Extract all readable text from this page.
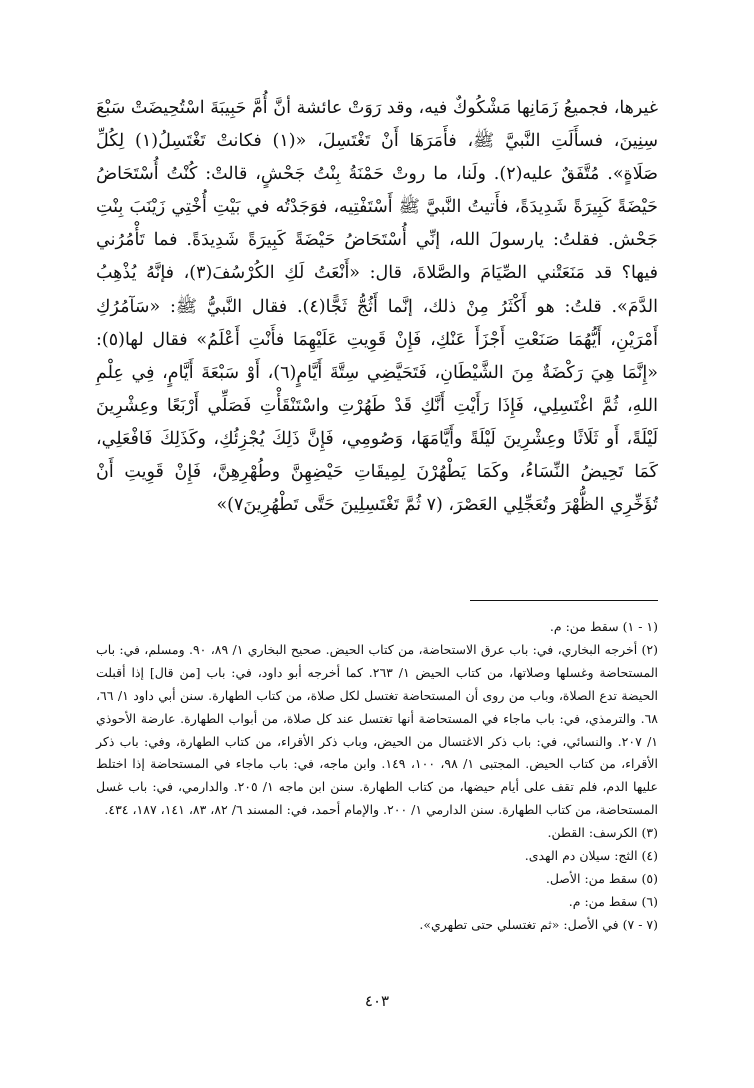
غيرها، فجميعُ زَمَانِها مَشْكُوكٌ فيه، وقد رَوَتْ عائشة أنَّ أُمَّ حَبِيبَةَ اسْتُحِيضَتْ سَبْعَ سِنِينَ، فسأَلَتِ النَّبيَّ ﷺ، فأَمَرَهَا أَنْ تَغْتَسِلَ، «(١) فكانتْ تَغْتَسِلُ(١) لِكُلِّ صَلَاةٍ». مُتَّفَقٌ عليه(٢). ولَنا، ما روتْ حَمْنَةُ بِنْتُ جَحْشٍ، قالتْ: كُنْتُ أُسْتَحَاضُ حَيْضَةً كَبِيرَةً شَدِيدَةً، فأَتيتُ النَّبيَّ ﷺ أَسْتَفْتِيه، فوَجَدْتُه في بَيْتِ أُخْتِي زَيْنَبَ بِنْتِ جَحْش. فقلتُ: يارسولَ الله، إنِّي أُسْتَحَاضُ حَيْضَةً كَبِيرَةً شَدِيدَةً. فما تَأْمُرُني فيها؟ قد مَنَعَتْني الصِّيَامَ والصَّلاةَ، قال: «أَنْعَتُ لَكِ الكُرْسُفَ(٣)، فإنَّهُ يُذْهِبُ الدَّمَ». قلتُ: هو أَكْثَرُ مِنْ ذلك، إنَّما أَثُجُّ ثَجًّا(٤). فقال النَّبيُّ ﷺ: «سَآمُرُكِ أَمْرَيْنِ، أَيُّهُمَا صَنَعْتِ أَجْزَأَ عَنْكِ، فَإِنْ قَوِيتِ عَلَيْهِمَا فأَنْتِ أَعْلَمُ» فقال لها(٥): «إِنَّمَا هِيَ رَكْضَةٌ مِنَ الشَّيْطَانِ، فَتَحَيَّضِي سِتَّةَ أَيَّامٍ(٦)، أَوْ سَبْعَةَ أَيَّامٍ، فِي عِلْمِ اللهِ، ثُمَّ اغْتَسِلِي، فَإِذَا رَأَيْتِ أَنَّكِ قَدْ طَهُرْتِ واسْتَنْقَأْتِ فَصَلِّي أَرْبَعًا وعِشْرِينَ لَيْلَةً، أَو ثَلَاثًا وعِشْرِينَ لَيْلَةً وأَيَّامَهَا، وَصُومِي، فَإِنَّ ذَلِكَ يُجْزِئُكِ، وكَذَلِكَ فَافْعَلِي، كَمَا تَحِيضُ النِّسَاءُ، وكَمَا يَطْهُرْنَ لِمِيقَاتِ حَيْضِهِنَّ وطُهْرِهِنَّ، فَإِنْ قَوِيتِ أَنْ تُؤَخِّرِي الظُّهْرَ وتُعَجِّلِي العَصْرَ، (٧ ثُمَّ تَغْتَسِلِينَ حَتَّى تَطْهُرِينَ٧)»

(١ - ١) سقط من: م.

(٢) أخرجه البخاري، في: باب عرق الاستحاضة، من كتاب الحيض. صحيح البخاري ١/ ٨٩، ٩٠. ومسلم، في: باب المستحاضة وغسلها وصلاتها، من كتاب الحيض ١/ ٢٦٣. كما أخرجه أبو داود، في: باب [من قال] إذا أقبلت الحيضة تدع الصلاة، وباب من روى أن المستحاضة تغتسل لكل صلاة، من كتاب الطهارة. سنن أبي داود ١/ ٦٦، ٦٨. والترمذي، في: باب ماجاء في المستحاضة أنها تغتسل عند كل صلاة، من أبواب الطهارة. عارضة الأحوذي ١/ ٢٠٧. والنسائي، في: باب ذكر الاغتسال من الحيض، وباب ذكر الأقراء، من كتاب الطهارة، وفي: باب ذكر الأقراء، من كتاب الحيض. المجتبى ١/ ٩٨، ١٠٠، ١٤٩. وابن ماجه، في: باب ماجاء في المستحاضة إذا اختلط عليها الدم، فلم تقف على أيام حيضها، من كتاب الطهارة. سنن ابن ماجه ١/ ٢٠٥. والدارمي، في: باب غسل المستحاضة، من كتاب الطهارة. سنن الدارمي ١/ ٢٠٠. والإمام أحمد، في: المسند ٦/ ٨٢، ٨٣، ١٤١، ١٨٧، ٤٣٤.

(٣) الكرسف: القطن.

(٤) الثج: سيلان دم الهدى.

(٥) سقط من: الأصل.

(٦) سقط من: م.

(٧ - ٧) في الأصل: «ثم تغتسلي حتى تطهري».

٤٠٣
